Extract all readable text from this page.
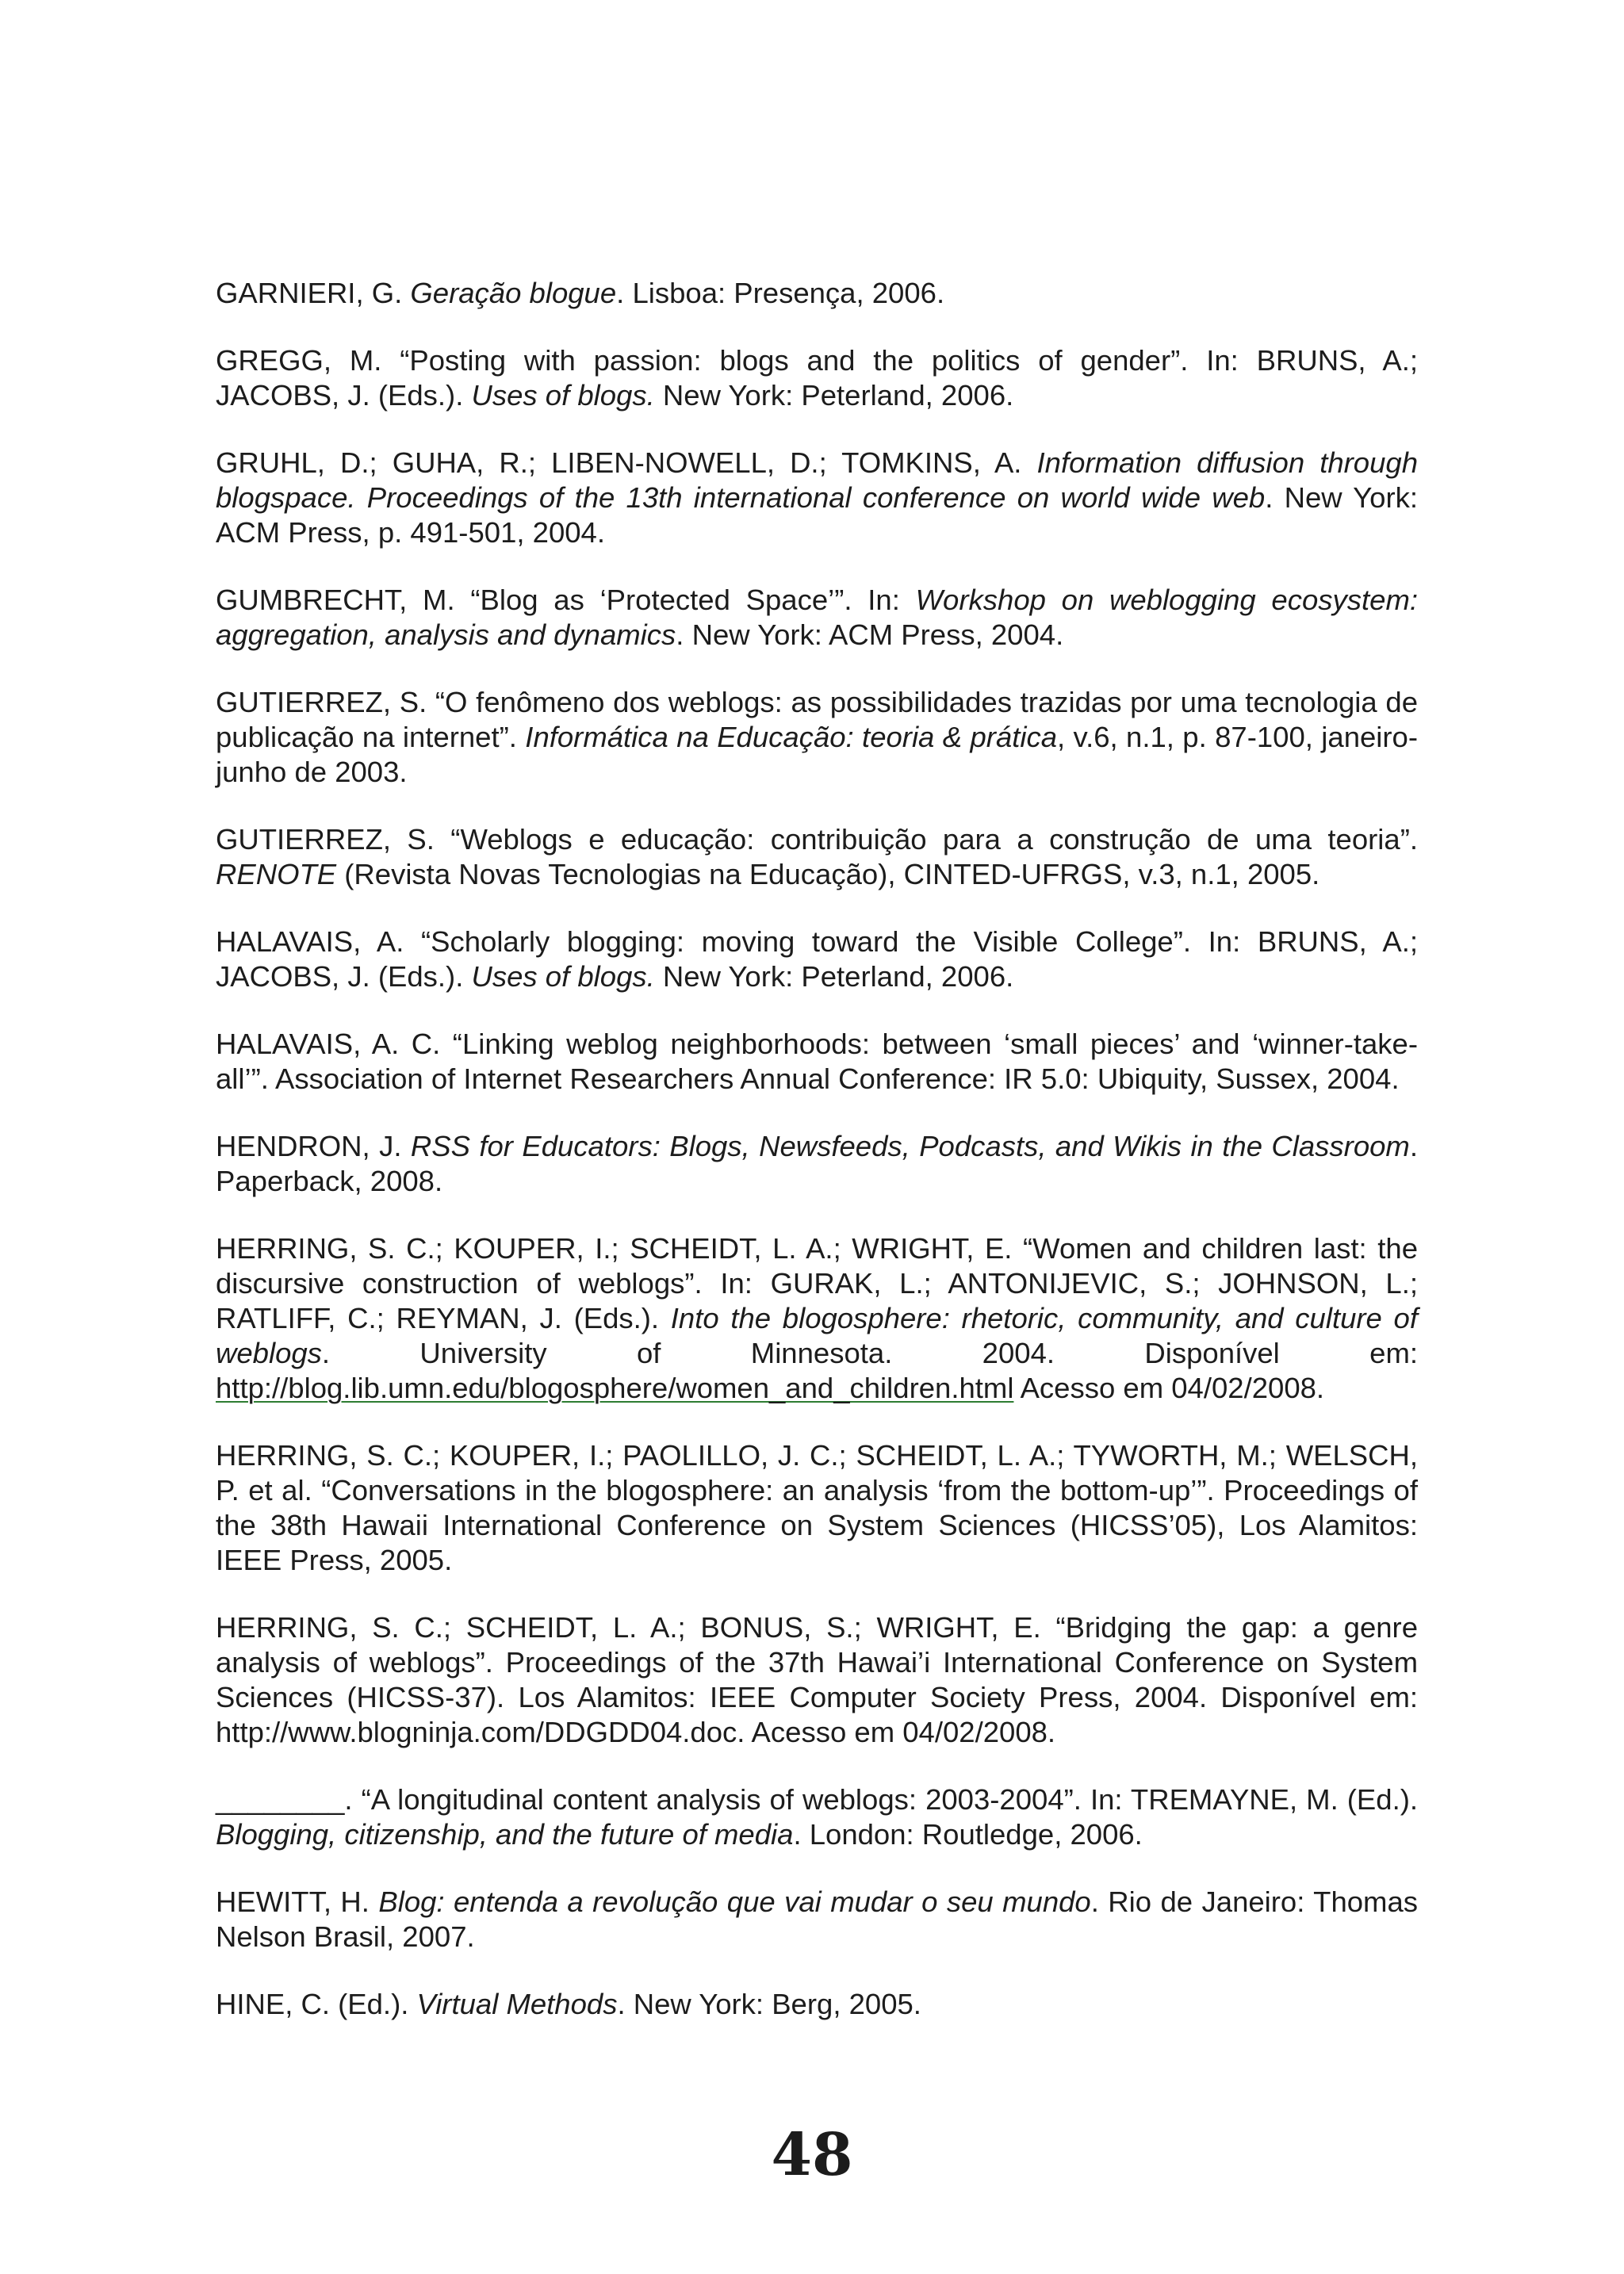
GARNIERI, G. Geração blogue. Lisboa: Presença, 2006.

GREGG, M. “Posting with passion: blogs and the politics of gender”. In: BRUNS, A.; JACOBS, J. (Eds.). Uses of blogs. New York: Peterland, 2006.

GRUHL, D.; GUHA, R.; LIBEN-NOWELL, D.; TOMKINS, A. Information diffusion through blogspace. Proceedings of the 13th international conference on world wide web. New York: ACM Press, p. 491-501, 2004.

GUMBRECHT, M. “Blog as ‘Protected Space’”. In: Workshop on weblogging ecosystem: aggregation, analysis and dynamics. New York: ACM Press, 2004.

GUTIERREZ, S. “O fenômeno dos weblogs: as possibilidades trazidas por uma tecnologia de publicação na internet”. Informática na Educação: teoria & prática, v.6, n.1, p. 87-100, janeiro-junho de 2003.

GUTIERREZ, S. “Weblogs e educação: contribuição para a construção de uma teoria”. RENOTE (Revista Novas Tecnologias na Educação), CINTED-UFRGS, v.3, n.1, 2005.

HALAVAIS, A. “Scholarly blogging: moving toward the Visible College”. In: BRUNS, A.; JACOBS, J. (Eds.). Uses of blogs. New York: Peterland, 2006.

HALAVAIS, A. C. “Linking weblog neighborhoods: between ‘small pieces’ and ‘winner-take-all’”. Association of Internet Researchers Annual Conference: IR 5.0: Ubiquity, Sussex, 2004.

HENDRON, J. RSS for Educators: Blogs, Newsfeeds, Podcasts, and Wikis in the Classroom. Paperback, 2008.

HERRING, S. C.; KOUPER, I.; SCHEIDT, L. A.; WRIGHT, E. “Women and children last: the discursive construction of weblogs”. In: GURAK, L.; ANTONIJEVIC, S.; JOHNSON, L.; RATLIFF, C.; REYMAN, J. (Eds.). Into the blogosphere: rhetoric, community, and culture of weblogs. University of Minnesota. 2004. Disponível em: http://blog.lib.umn.edu/blogosphere/women_and_children.html Acesso em 04/02/2008.

HERRING, S. C.; KOUPER, I.; PAOLILLO, J. C.; SCHEIDT, L. A.; TYWORTH, M.; WELSCH, P. et al. “Conversations in the blogosphere: an analysis ‘from the bottom-up’”. Proceedings of the 38th Hawaii International Conference on System Sciences (HICSS’05), Los Alamitos: IEEE Press, 2005.

HERRING, S. C.; SCHEIDT, L. A.; BONUS, S.; WRIGHT, E. “Bridging the gap: a genre analysis of weblogs”. Proceedings of the 37th Hawai’i International Conference on System Sciences (HICSS-37). Los Alamitos: IEEE Computer Society Press, 2004. Disponível em: http://www.blogninja.com/DDGDD04.doc. Acesso em 04/02/2008.

________. “A longitudinal content analysis of weblogs: 2003-2004”. In: TREMAYNE, M. (Ed.). Blogging, citizenship, and the future of media. London: Routledge, 2006.

HEWITT, H. Blog: entenda a revolução que vai mudar o seu mundo. Rio de Janeiro: Thomas Nelson Brasil, 2007.

HINE, C. (Ed.). Virtual Methods. New York: Berg, 2005.

48
